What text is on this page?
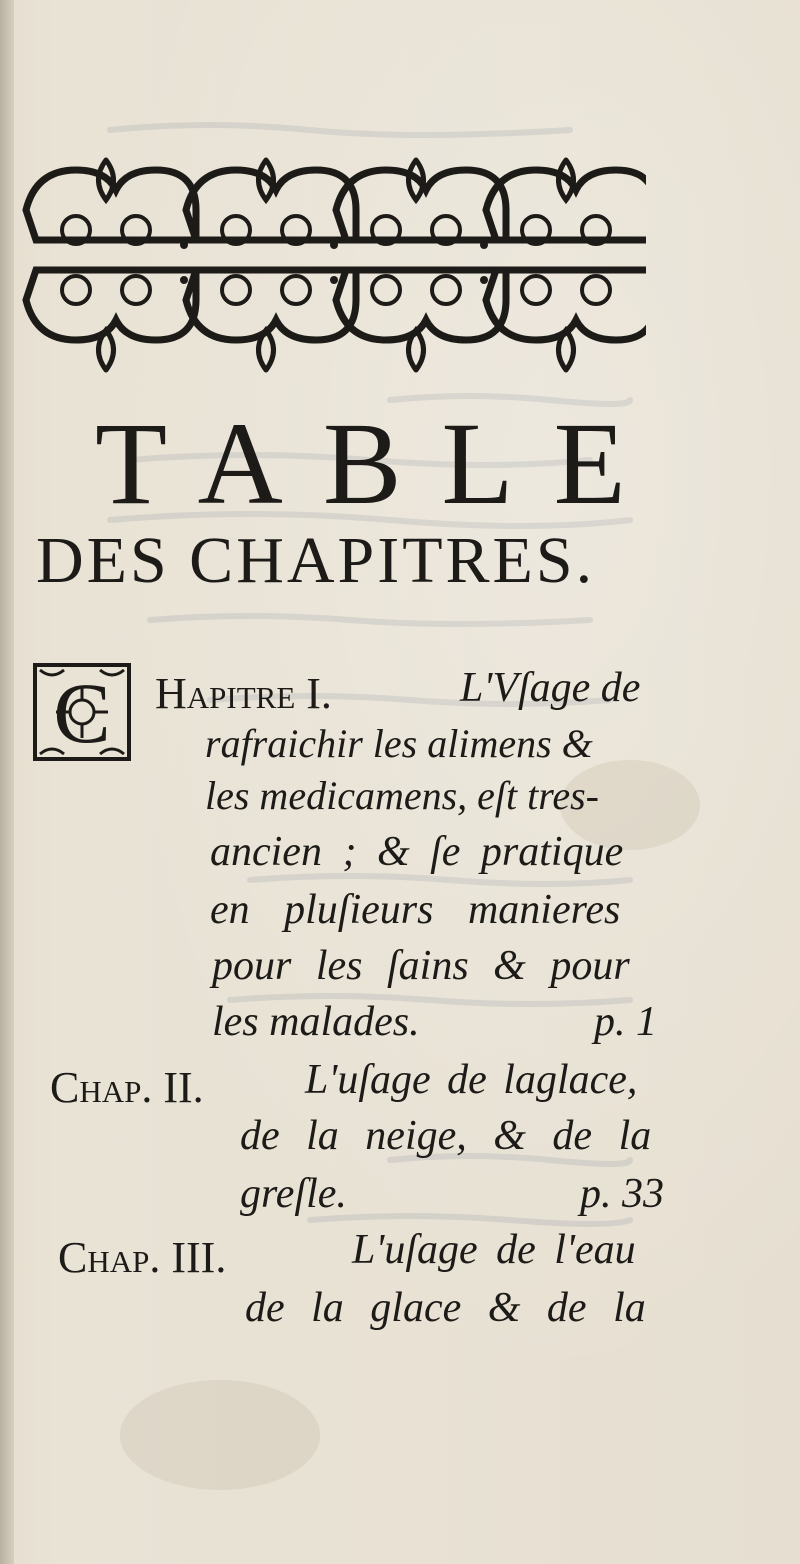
TABLE
DES CHAPITRES.
C Hapitre I.	L'Vſage de
rafraichir les alimens &
les medicamens, eſt tres-
ancien ; & ſe pratique
en pluſieurs manieres
pour les ſains & pour
les malades.	p. 1
Chap. II. L'uſage de laglace,
de la neige, & de la
greſle.	p. 33
Chap. III.	L'uſage de l'eau
de la glace & de la
